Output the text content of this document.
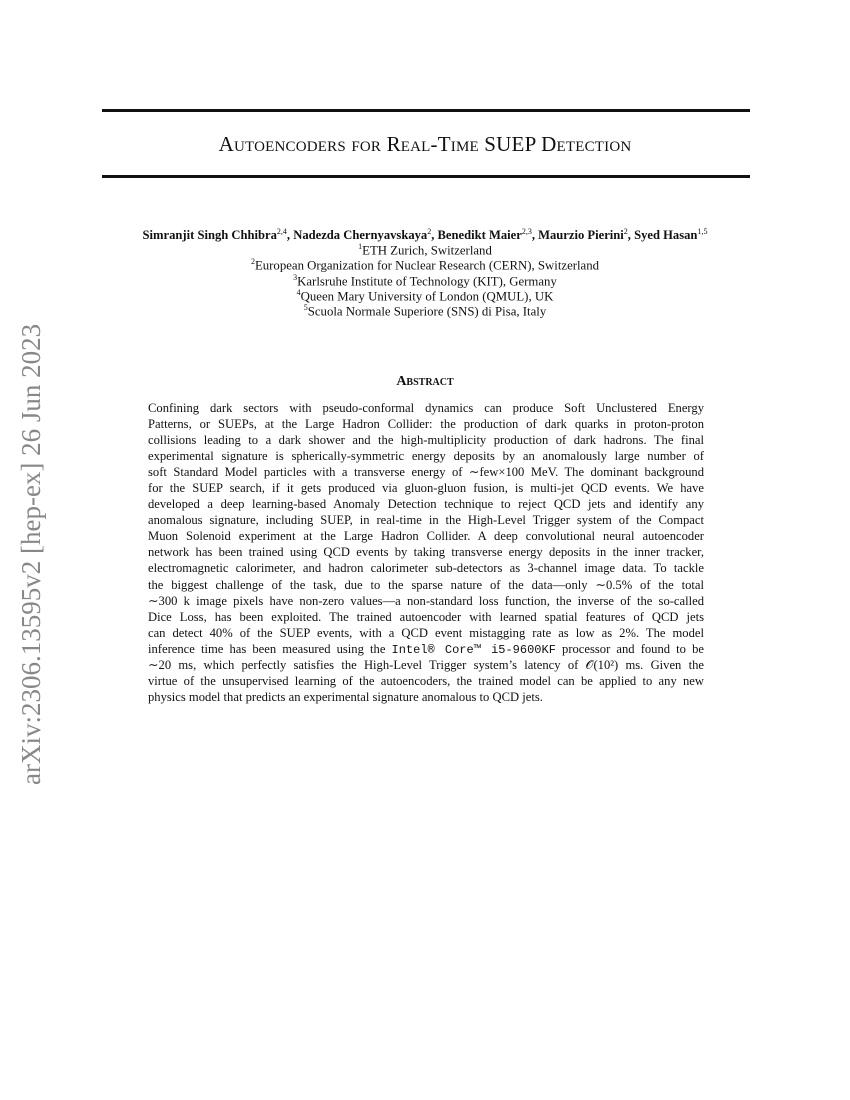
arXiv:2306.13595v2 [hep-ex] 26 Jun 2023
Autoencoders for Real-Time SUEP Detection
Simranjit Singh Chhibra$^{2,4}$, Nadezda Chernyavskaya$^2$, Benedikt Maier$^{2,3}$, Maurzio Pierini$^2$, Syed Hasan$^{1,5}$
$^1$ETH Zurich, Switzerland
$^2$European Organization for Nuclear Research (CERN), Switzerland
$^3$Karlsruhe Institute of Technology (KIT), Germany
$^4$Queen Mary University of London (QMUL), UK
$^5$Scuola Normale Superiore (SNS) di Pisa, Italy
Abstract
Confining dark sectors with pseudo-conformal dynamics can produce Soft Unclustered Energy
Patterns, or SUEPs, at the Large Hadron Collider: the production of dark quarks in proton-proton
collisions leading to a dark shower and the high-multiplicity production of dark hadrons. The final
experimental signature is spherically-symmetric energy deposits by an anomalously large number of
soft Standard Model particles with a transverse energy of ∼few×100 MeV. The dominant background
for the SUEP search, if it gets produced via gluon-gluon fusion, is multi-jet QCD events. We have
developed a deep learning-based Anomaly Detection technique to reject QCD jets and identify any
anomalous signature, including SUEP, in real-time in the High-Level Trigger system of the Compact
Muon Solenoid experiment at the Large Hadron Collider. A deep convolutional neural autoencoder
network has been trained using QCD events by taking transverse energy deposits in the inner tracker,
electromagnetic calorimeter, and hadron calorimeter sub-detectors as 3-channel image data. To tackle
the biggest challenge of the task, due to the sparse nature of the data—only ∼0.5% of the total
∼300 k image pixels have non-zero values—a non-standard loss function, the inverse of the so-called
Dice Loss, has been exploited. The trained autoencoder with learned spatial features of QCD jets
can detect 40% of the SUEP events, with a QCD event mistagging rate as low as 2%. The model
inference time has been measured using the Intel® Core™ i5-9600KF processor and found to be
∼20 ms, which perfectly satisfies the High-Level Trigger system’s latency of 𝒪(10²) ms. Given the
virtue of the unsupervised learning of the autoencoders, the trained model can be applied to any new
physics model that predicts an experimental signature anomalous to QCD jets.
